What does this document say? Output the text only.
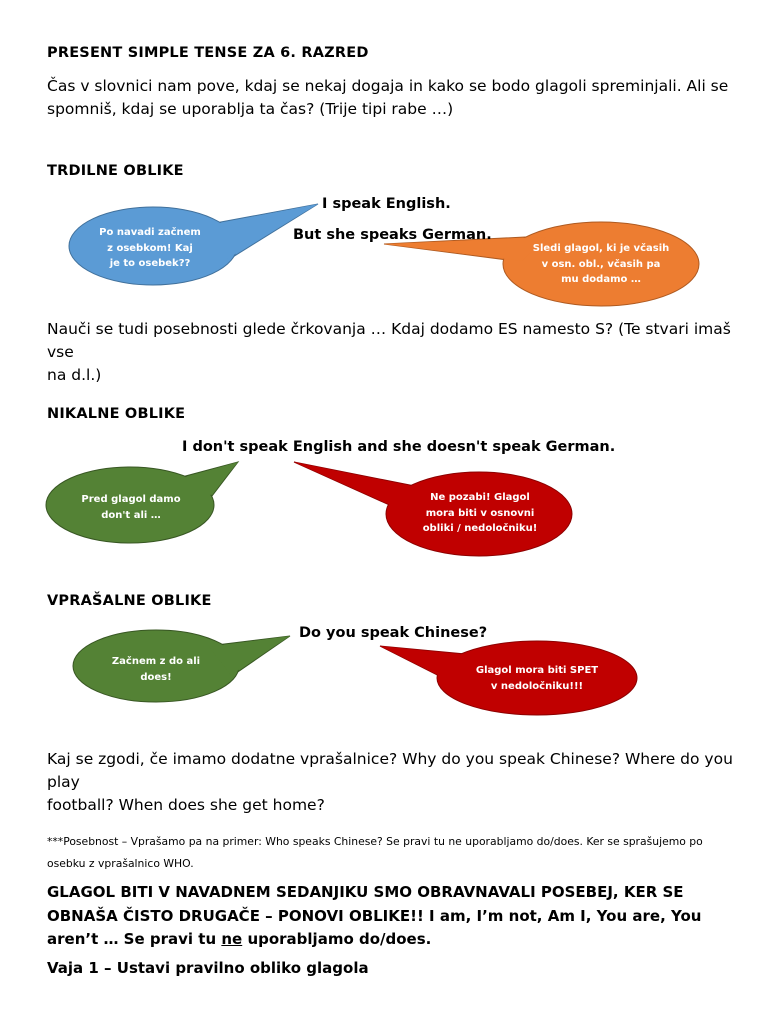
PRESENT SIMPLE TENSE ZA 6. RAZRED
Čas v slovnici nam pove, kdaj se nekaj dogaja in kako se bodo glagoli spreminjali. Ali se
spomniš, kdaj se uporablja ta čas? (Trije tipi rabe …)
TRDILNE OBLIKE
I speak English.
But she speaks German.
Po navadi začnem
z osebkom! Kaj
je to osebek??
Sledi glagol, ki je včasih
v osn. obl., včasih pa
mu dodamo …
Nauči se tudi posebnosti glede črkovanja … Kdaj dodamo ES namesto S? (Te stvari imaš vse
na d.l.)
NIKALNE OBLIKE
I don't speak English and she doesn't speak German.
Pred glagol damo
don't ali …
Ne pozabi! Glagol
mora biti v osnovni
obliki / nedoločniku!
VPRAŠALNE OBLIKE
Do you speak Chinese?
Začnem z do ali
does!
Glagol mora biti SPET
v nedoločniku!!!
Kaj se zgodi, če imamo dodatne vprašalnice? Why do you speak Chinese? Where do you play
football? When does she get home?
***Posebnost – Vprašamo pa na primer: Who speaks Chinese? Se pravi tu ne uporabljamo do/does. Ker se sprašujemo po
osebku z vprašalnico WHO.
GLAGOL BITI V NAVADNEM SEDANJIKU SMO OBRAVNAVALI POSEBEJ, KER SE
OBNAŠA ČISTO DRUGAČE – PONOVI OBLIKE!! I am, I’m not, Am I, You are, You
aren’t … Se pravi tu ne uporabljamo do/does.
Vaja 1 – Ustavi pravilno obliko glagola
